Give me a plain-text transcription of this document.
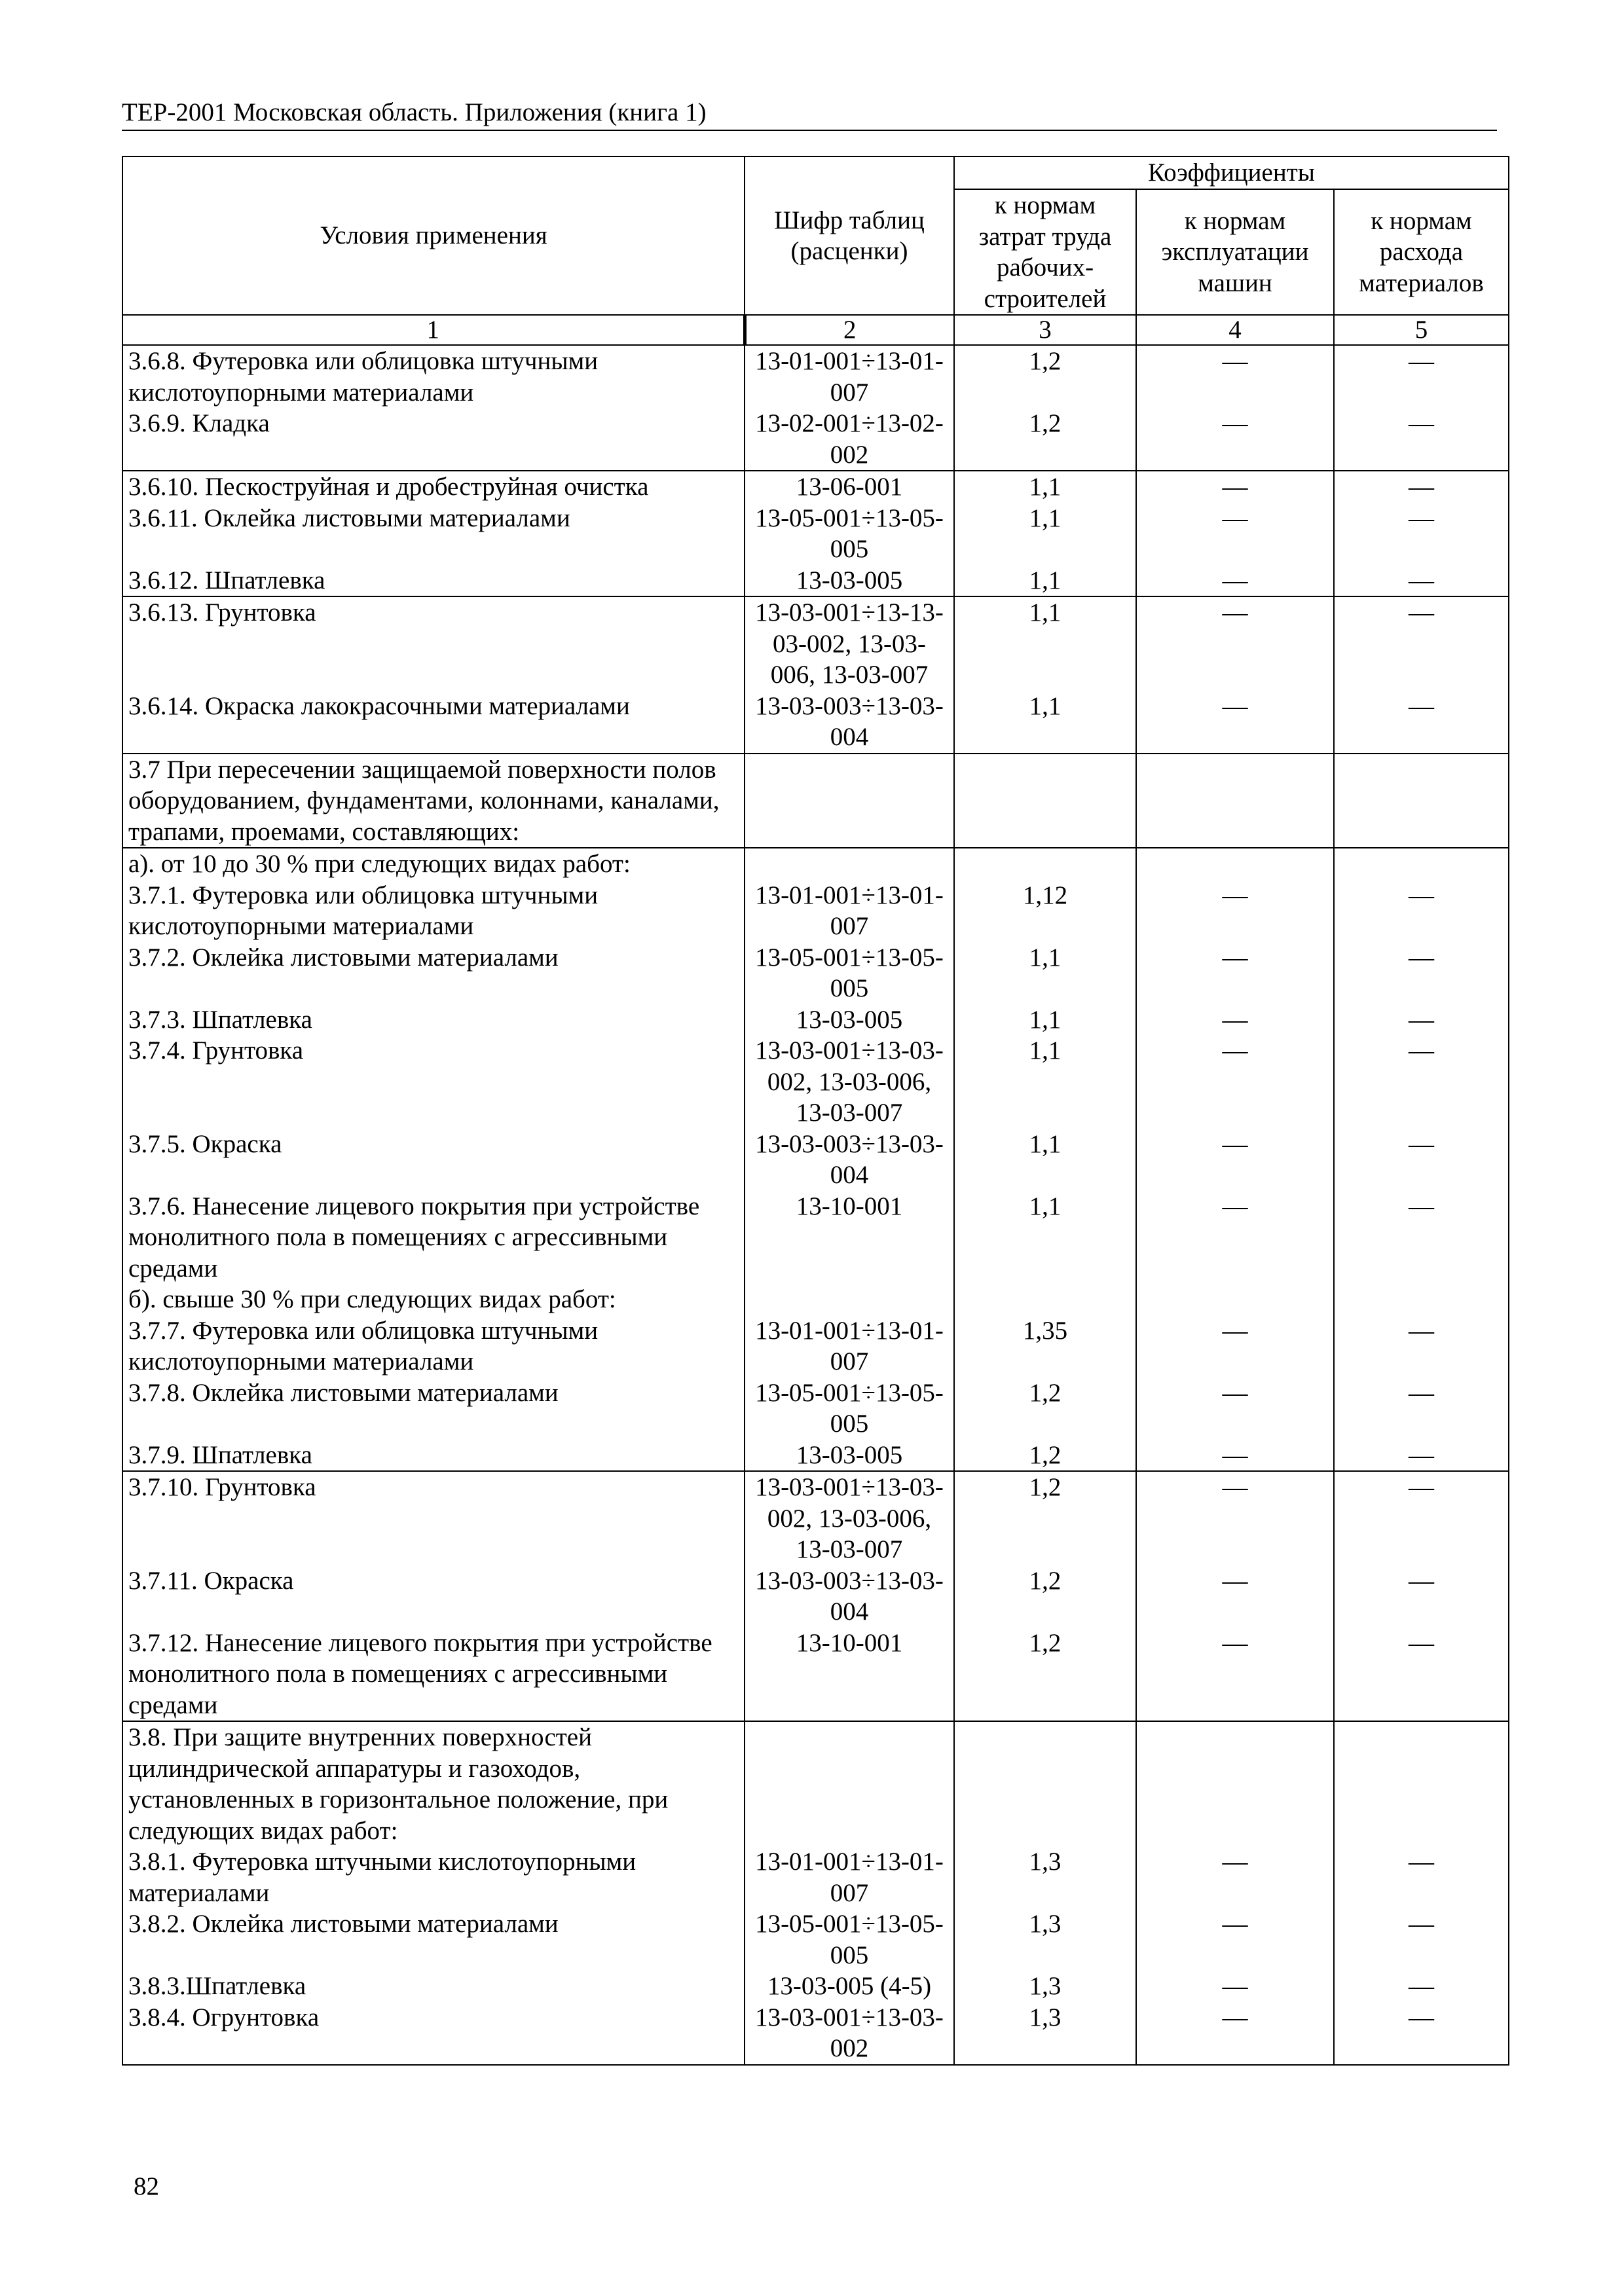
ТЕР-2001 Московская область. Приложения (книга 1)
Условия применения	Шифр таблиц (расценки)	Коэффициенты		
		к нормам затрат труда рабочих-строителей	к нормам эксплуатации машин	к нормам расхода материалов
1	2	3	4	5
3.6.8. Футеровка или облицовка штучными кислотоупорными материалами	13-01-001÷13-01-007	1,2	—	—
3.6.9. Кладка	13-02-001÷13-02-002	1,2	—	—
3.6.10. Пескоструйная и дробеструйная очистка	13-06-001	1,1	—	—
3.6.11. Оклейка листовыми материалами	13-05-001÷13-05-005	1,1	—	—
3.6.12. Шпатлевка	13-03-005	1,1	—	—
3.6.13. Грунтовка	13-03-001÷13-13-03-002, 13-03-006, 13-03-007	1,1	—	—
3.6.14. Окраска лакокрасочными материалами	13-03-003÷13-03-004	1,1	—	—
3.7 При пересечении защищаемой поверхности полов оборудованием, фундаментами, колоннами, каналами, трапами, проемами, составляющих:				
а). от 10 до 30 % при следующих видах работ:				
3.7.1. Футеровка или облицовка штучными кислотоупорными материалами	13-01-001÷13-01-007	1,12	—	—
3.7.2. Оклейка листовыми материалами	13-05-001÷13-05-005	1,1	—	—
3.7.3. Шпатлевка	13-03-005	1,1	—	—
3.7.4. Грунтовка	13-03-001÷13-03-002, 13-03-006, 13-03-007	1,1	—	—
3.7.5. Окраска	13-03-003÷13-03-004	1,1	—	—
3.7.6. Нанесение лицевого покрытия при устройстве монолитного пола в помещениях с агрессивными средами	13-10-001	1,1	—	—
б). свыше 30 % при следующих видах работ:				
3.7.7. Футеровка или облицовка штучными кислотоупорными материалами	13-01-001÷13-01-007	1,35	—	—
3.7.8. Оклейка листовыми материалами	13-05-001÷13-05-005	1,2	—	—
3.7.9. Шпатлевка	13-03-005	1,2	—	—
3.7.10. Грунтовка	13-03-001÷13-03-002, 13-03-006, 13-03-007	1,2	—	—
3.7.11. Окраска	13-03-003÷13-03-004	1,2	—	—
3.7.12. Нанесение лицевого покрытия при устройстве монолитного пола в помещениях с агрессивными средами	13-10-001	1,2	—	—
3.8. При защите внутренних поверхностей цилиндрической аппаратуры и газоходов, установленных в горизонтальное положение, при следующих видах работ:				
3.8.1. Футеровка штучными кислотоупорными материалами	13-01-001÷13-01-007	1,3	—	—
3.8.2. Оклейка листовыми материалами	13-05-001÷13-05-005	1,3	—	—
3.8.3.Шпатлевка	13-03-005 (4-5)	1,3	—	—
3.8.4. Огрунтовка	13-03-001÷13-03-002	1,3	—	—
82
